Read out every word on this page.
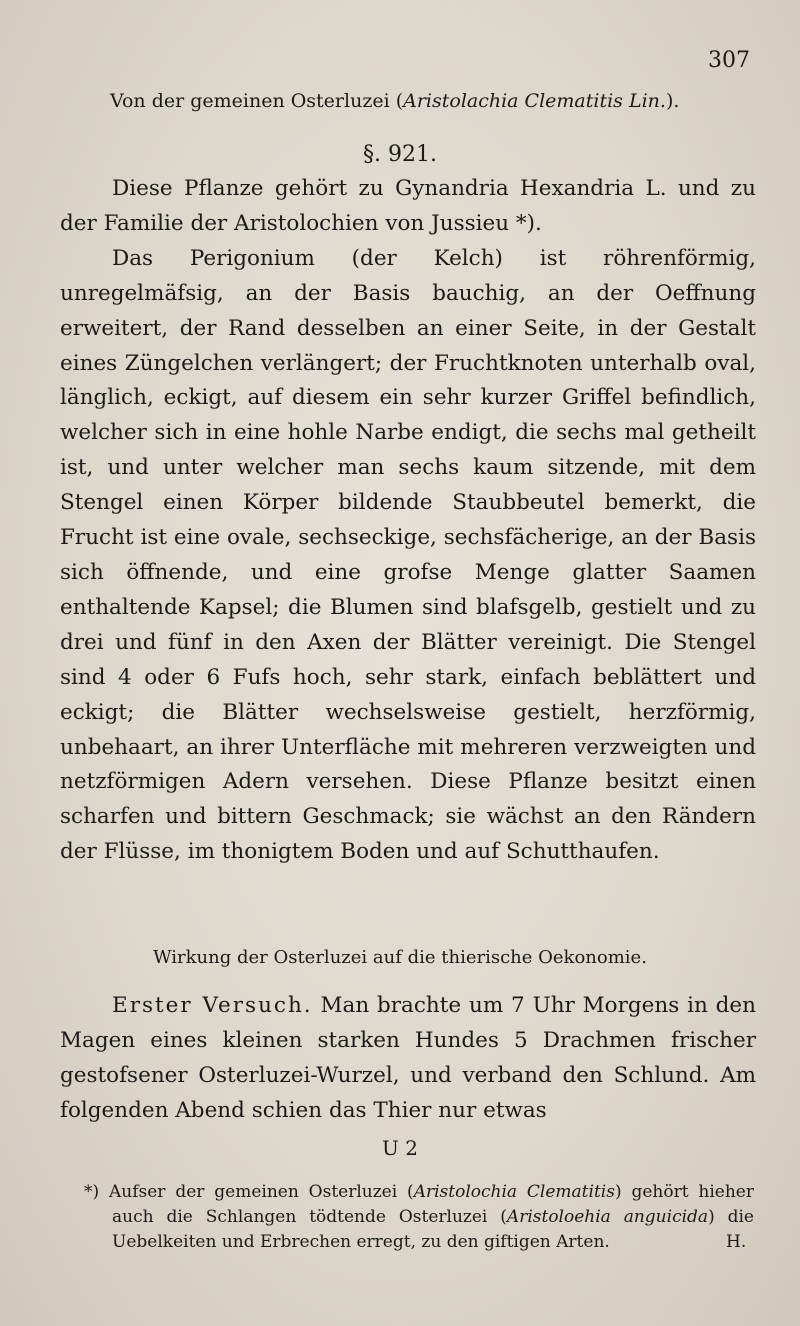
307
Von der gemeinen Osterluzei (Aristolachia Clematitis Lin.).
§. 921.

Diese Pflanze gehört zu Gynandria Hexandria L. und zu der Familie der Aristolochien von Jussieu *).

Das Perigonium (der Kelch) ist röhrenförmig, unregelmäfsig, an der Basis bauchig, an der Oeffnung erweitert, der Rand desselben an einer Seite, in der Gestalt eines Züngelchen verlängert; der Fruchtknoten unterhalb oval, länglich, eckigt, auf diesem ein sehr kurzer Griffel befindlich, welcher sich in eine hohle Narbe endigt, die sechs mal getheilt ist, und unter welcher man sechs kaum sitzende, mit dem Stengel einen Körper bildende Staubbeutel bemerkt, die Frucht ist eine ovale, sechseckige, sechsfächerige, an der Basis sich öffnende, und eine grofse Menge glatter Saamen enthaltende Kapsel; die Blumen sind blafsgelb, gestielt und zu drei und fünf in den Axen der Blätter vereinigt. Die Stengel sind 4 oder 6 Fufs hoch, sehr stark, einfach beblättert und eckigt; die Blätter wechselsweise gestielt, herzförmig, unbehaart, an ihrer Unterfläche mit mehreren verzweigten und netzförmigen Adern versehen. Diese Pflanze besitzt einen scharfen und bittern Geschmack; sie wächst an den Rändern der Flüsse, im thonigtem Boden und auf Schutthaufen.

Wirkung der Osterluzei auf die thierische Oekonomie.

Erster Versuch. Man brachte um 7 Uhr Morgens in den Magen eines kleinen starken Hundes 5 Drachmen frischer gestofsener Osterluzei-Wurzel, und verband den Schlund. Am folgenden Abend schien das Thier nur etwas

U 2

*) Aufser der gemeinen Osterluzei (Aristolochia Clematitis) gehört hieher auch die Schlangen tödtende Osterluzei (Aristoloehia anguicida) die Uebelkeiten und Erbrechen erregt, zu den giftigen Arten.	H.
